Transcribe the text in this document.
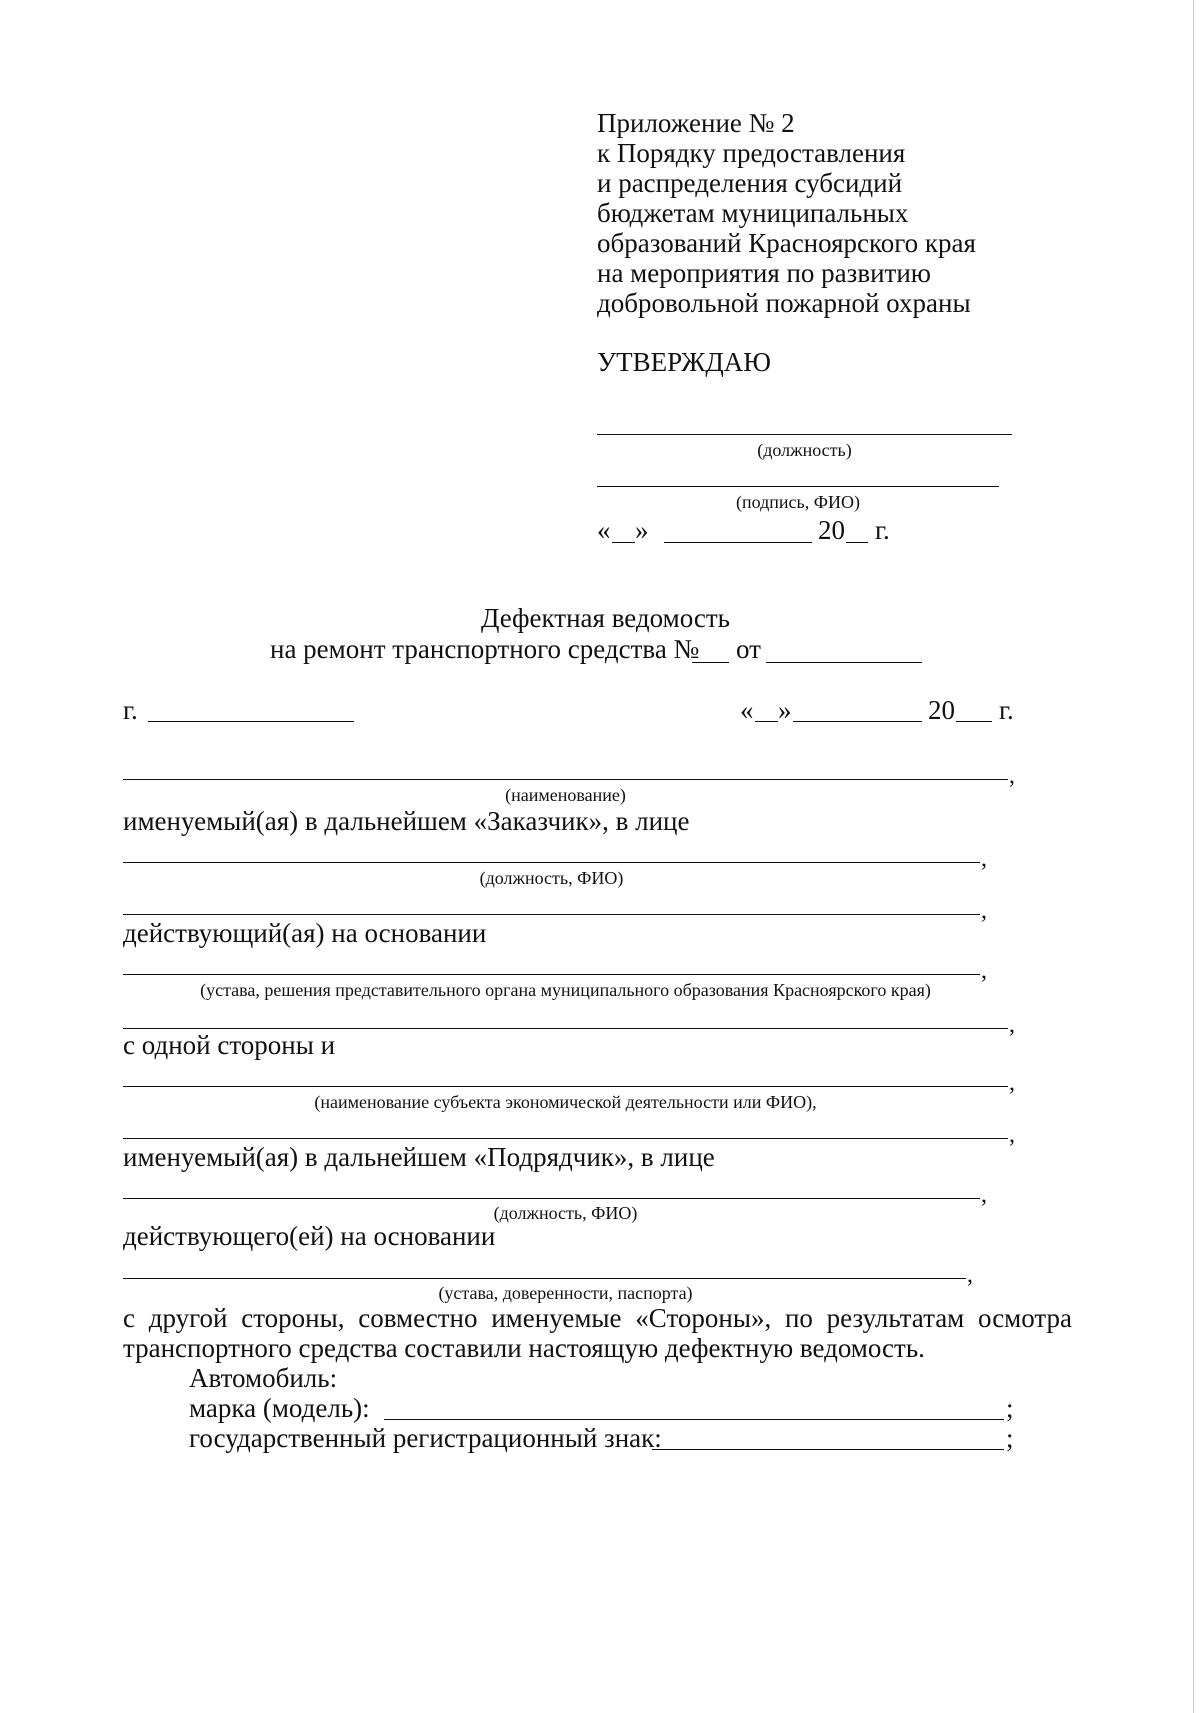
Приложение № 2
к Порядку предоставления
и распределения субсидий
бюджетам муниципальных
образований Красноярского края
на мероприятия по развитию
добровольной пожарной охраны
УТВЕРЖДАЮ
(должность)
(подпись, ФИО)
« »	20 г.
Дефектная ведомость
на ремонт транспортного средства № от
г.	« »	20 г.
,
(наименование)
именуемый(ая) в дальнейшем «Заказчик», в лице
,
(должность, ФИО)
,
действующий(ая) на основании
,
(устава, решения представительного органа муниципального образования Красноярского края)
,
с одной стороны и
,
(наименование субъекта экономической деятельности или ФИО),
,
именуемый(ая) в дальнейшем «Подрядчик», в лице
,
(должность, ФИО)
действующего(ей) на основании
,
(устава, доверенности, паспорта)
с другой стороны, совместно именуемые «Стороны», по результатам осмотра
транспортного средства составили настоящую дефектную ведомость.
Автомобиль:
марка (модель):	;
государственный регистрационный знак:	;
